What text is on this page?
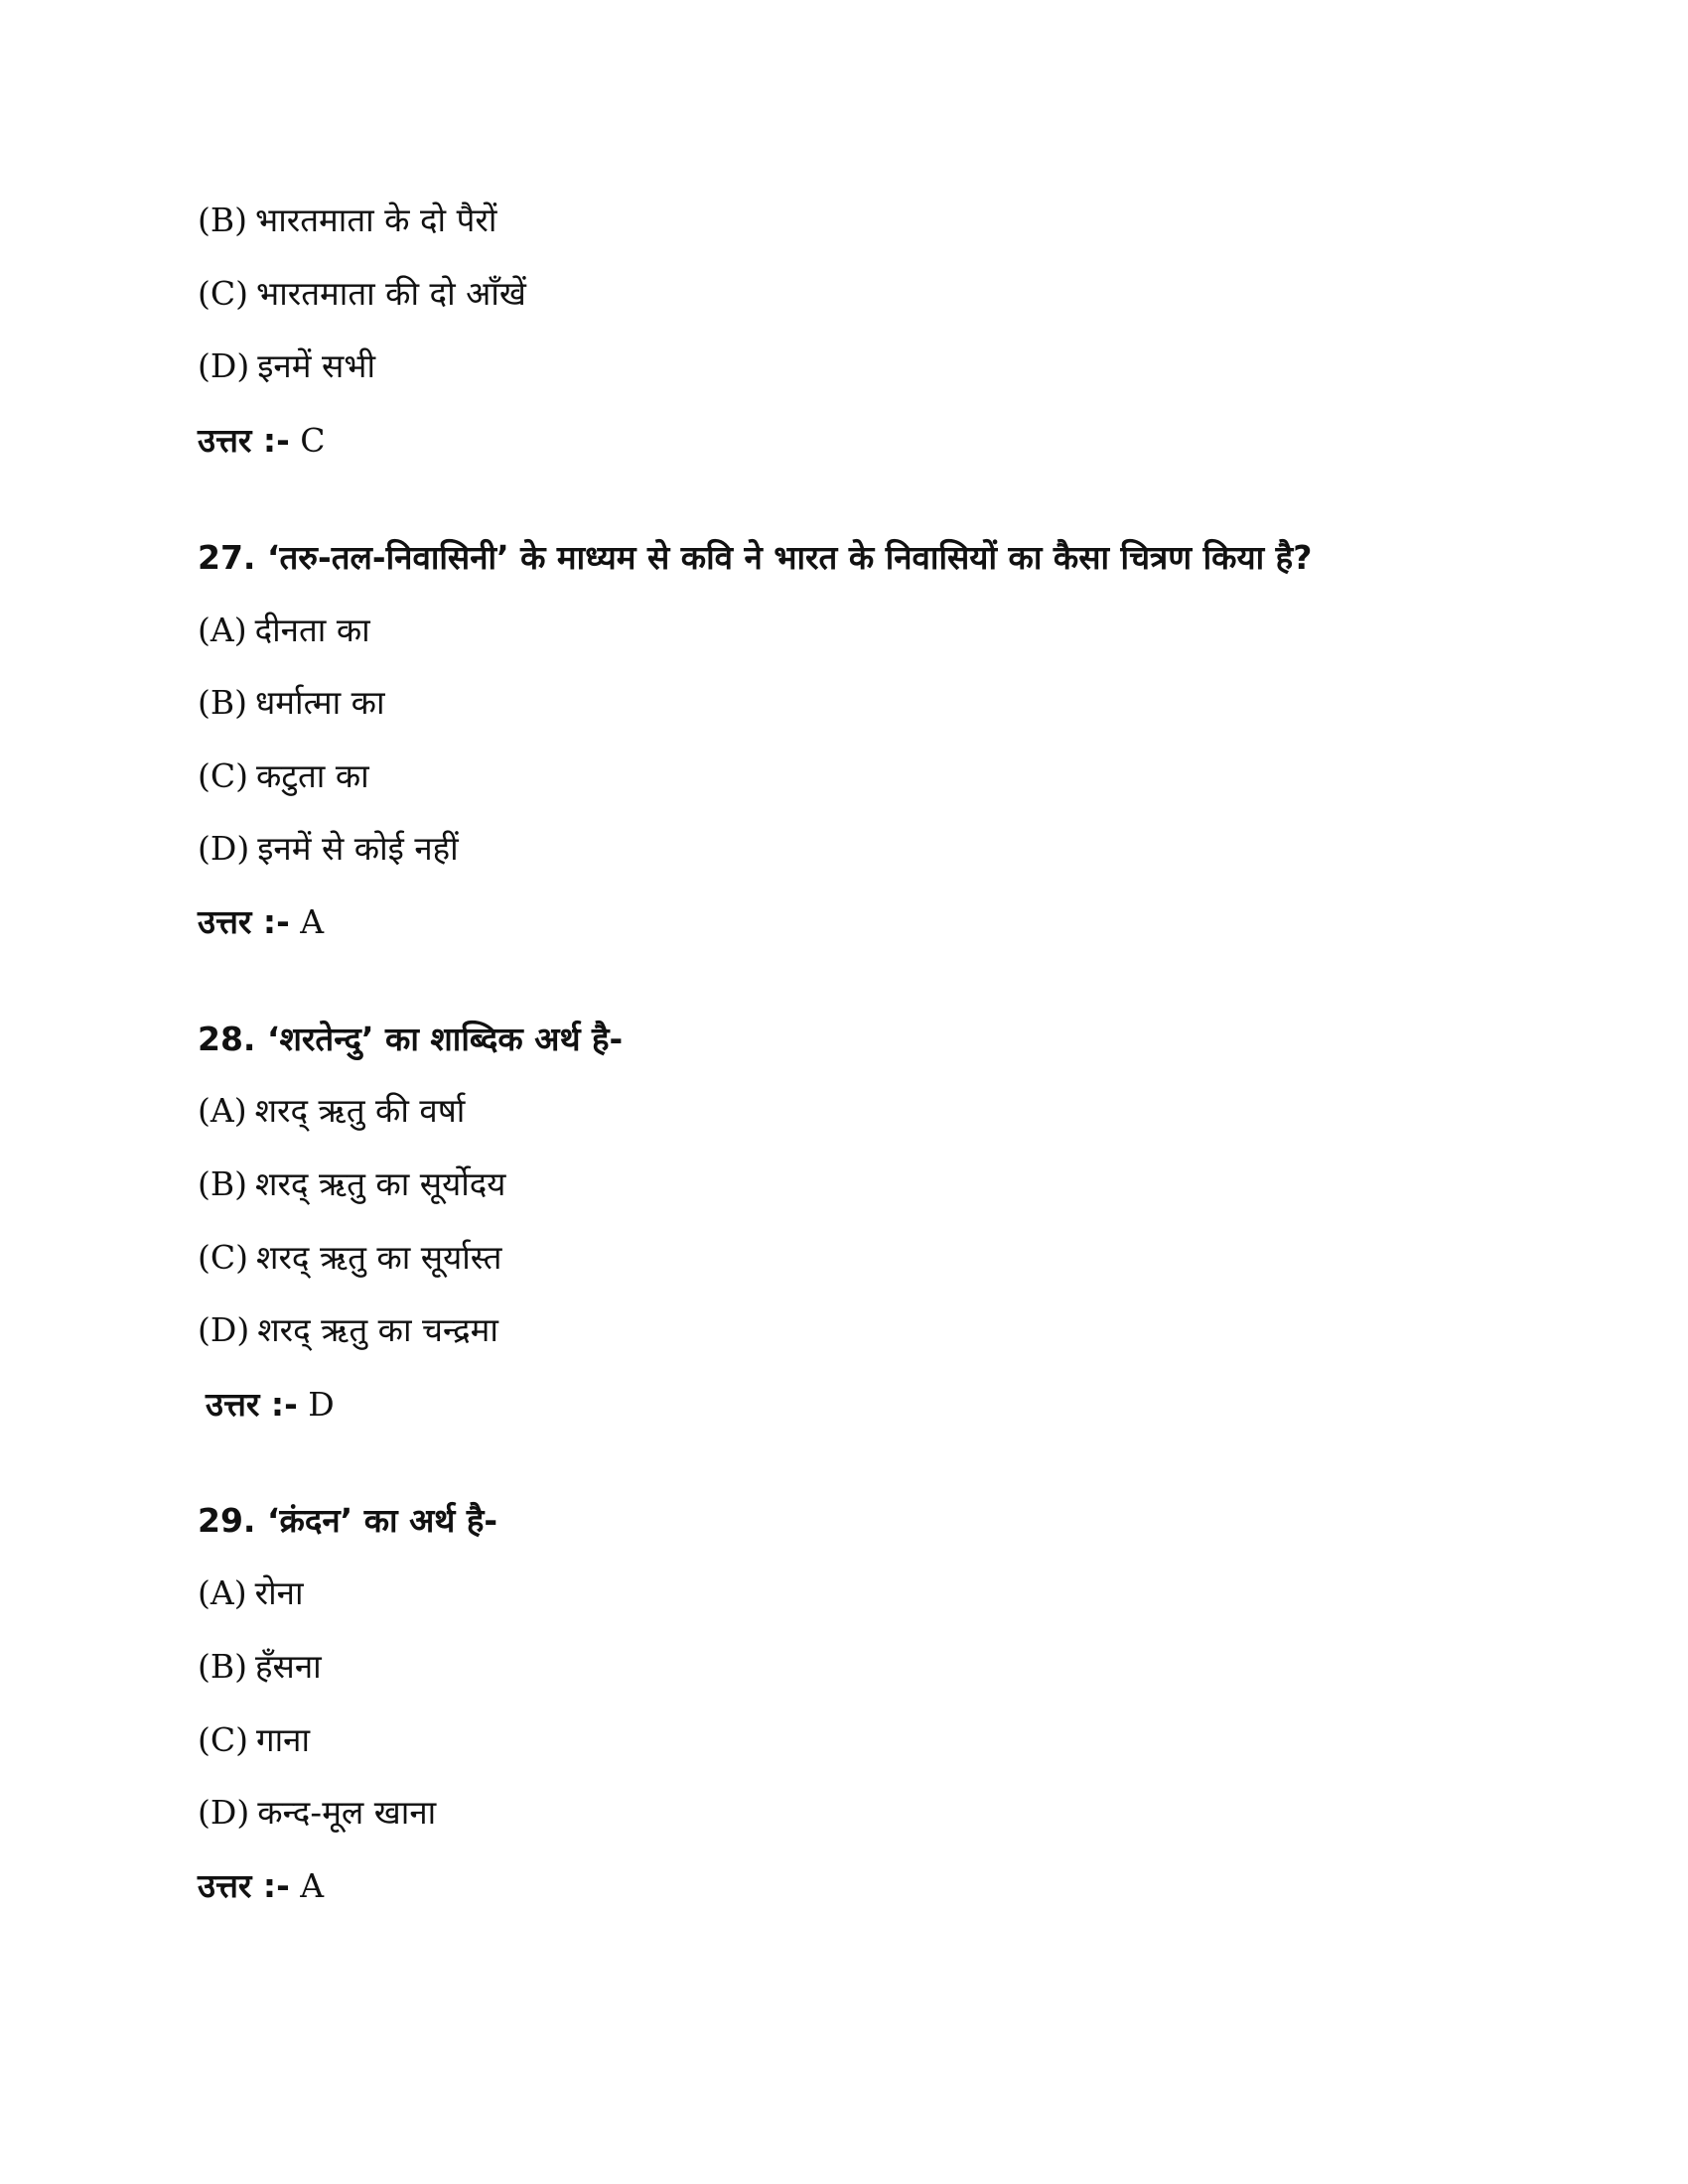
(B) भारतमाता के दो पैरों
(C) भारतमाता की दो आँखें
(D) इनमें सभी
उत्तर :- C
27. ‘तरु-तल-निवासिनी’ के माध्यम से कवि ने भारत के निवासियों का कैसा चित्रण किया है?
(A) दीनता का
(B) धर्मात्मा का
(C) कटुता का
(D) इनमें से कोई नहीं
उत्तर :- A
28. ‘शरतेन्दु’ का शाब्दिक अर्थ है-
(A) शरद् ऋतु की वर्षा
(B) शरद् ऋतु का सूर्योदय
(C) शरद् ऋतु का सूर्यास्त
(D) शरद् ऋतु का चन्द्रमा
उत्तर :- D
29. ‘क्रंदन’ का अर्थ है-
(A) रोना
(B) हँसना
(C) गाना
(D) कन्द-मूल खाना
उत्तर :- A
